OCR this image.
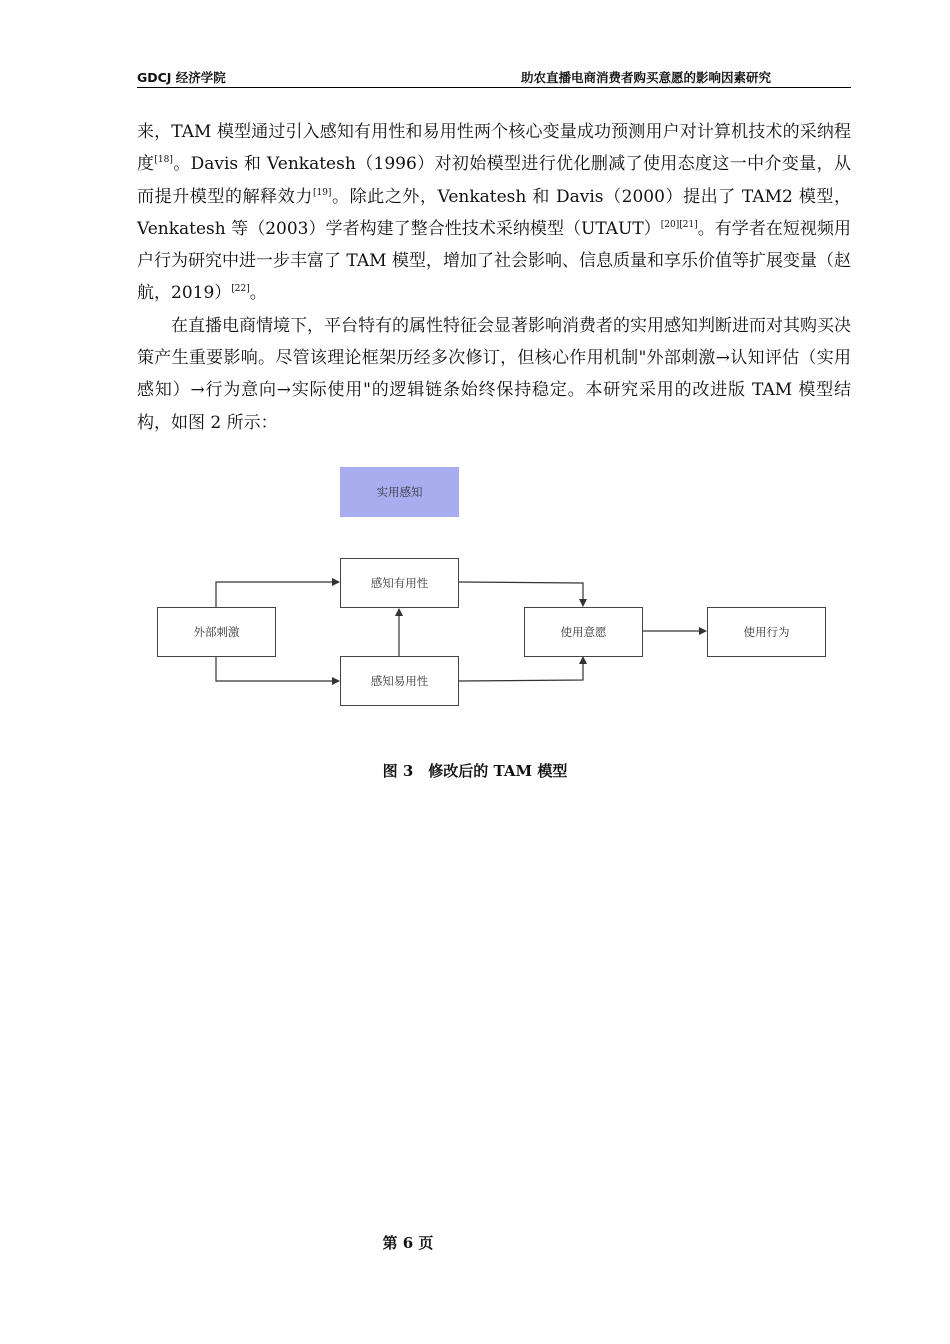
GDCJ 经济学院	助农直播电商消费者购买意愿的影响因素研究

来，TAM 模型通过引入感知有用性和易用性两个核心变量成功预测用户对计算机技术的采纳程度[18]。Davis 和 Venkatesh（1996）对初始模型进行优化删减了使用态度这一中介变量，从而提升模型的解释效力[19]。除此之外，Venkatesh 和 Davis（2000）提出了 TAM2 模型，Venkatesh 等（2003）学者构建了整合性技术采纳模型（UTAUT）[20][21]。有学者在短视频用户行为研究中进一步丰富了 TAM 模型，增加了社会影响、信息质量和享乐价值等扩展变量（赵航，2019）[22]。

在直播电商情境下，平台特有的属性特征会显著影响消费者的实用感知判断进而对其购买决策产生重要影响。尽管该理论框架历经多次修订，但核心作用机制"外部刺激→认知评估（实用感知）→行为意向→实际使用"的逻辑链条始终保持稳定。本研究采用的改进版 TAM 模型结构，如图 2 所示：

实用感知
外部刺激
感知有用性
感知易用性
使用意愿	使用行为
图 3　修改后的 TAM 模型
第 6 页
